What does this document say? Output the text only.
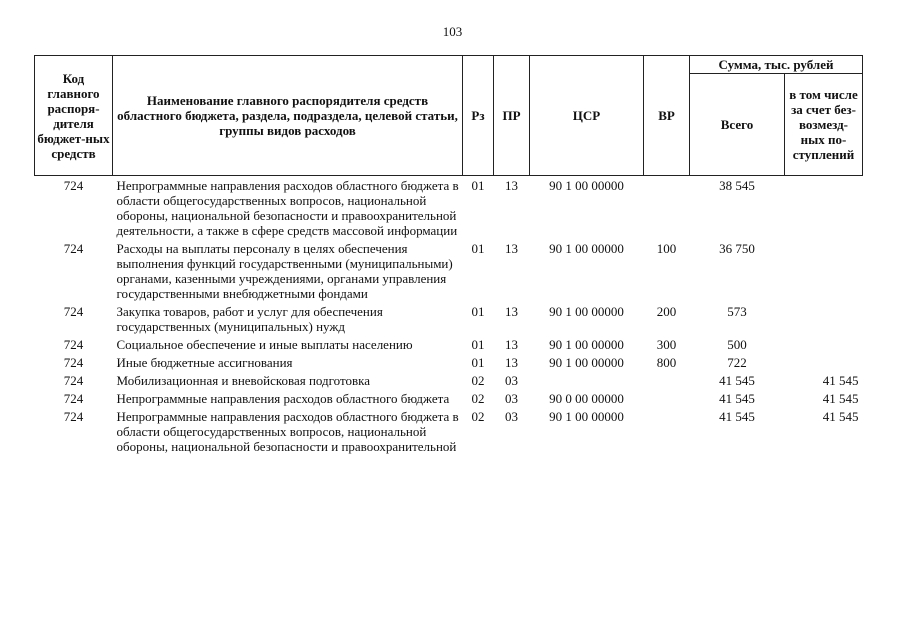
103
Код главного распоря-дителя бюджет-ных средств	Наименование главного распорядителя средств областного бюджета, раздела, подраздела, целевой статьи, группы видов расходов	Рз	ПР	ЦСР	ВР	Сумма, тыс. рублей	
						Всего	в том числе за счет без-возмезд-ных по-ступлений
724	Непрограммные направления расходов областного бюджета в области общегосударственных вопросов, национальной обороны, национальной безопасности и правоохранительной деятельности, а также в сфере средств массовой информации	01	13	90 1 00 00000		38 545	
724	Расходы на выплаты персоналу в целях обеспечения выполнения функций государственными (муниципальными) органами, казенными учреждениями, органами управления государственными внебюджетными фондами	01	13	90 1 00 00000	100	36 750	
724	Закупка товаров, работ и услуг для обеспечения государственных (муниципальных) нужд	01	13	90 1 00 00000	200	573	
724	Социальное обеспечение и иные выплаты населению	01	13	90 1 00 00000	300	500	
724	Иные бюджетные ассигнования	01	13	90 1 00 00000	800	722	
724	Мобилизационная и вневойсковая подготовка	02	03			41 545	41 545
724	Непрограммные направления расходов областного бюджета	02	03	90 0 00 00000		41 545	41 545
724	Непрограммные направления расходов областного бюджета в области общегосударственных вопросов, национальной обороны, национальной безопасности и правоохранительной	02	03	90 1 00 00000		41 545	41 545
